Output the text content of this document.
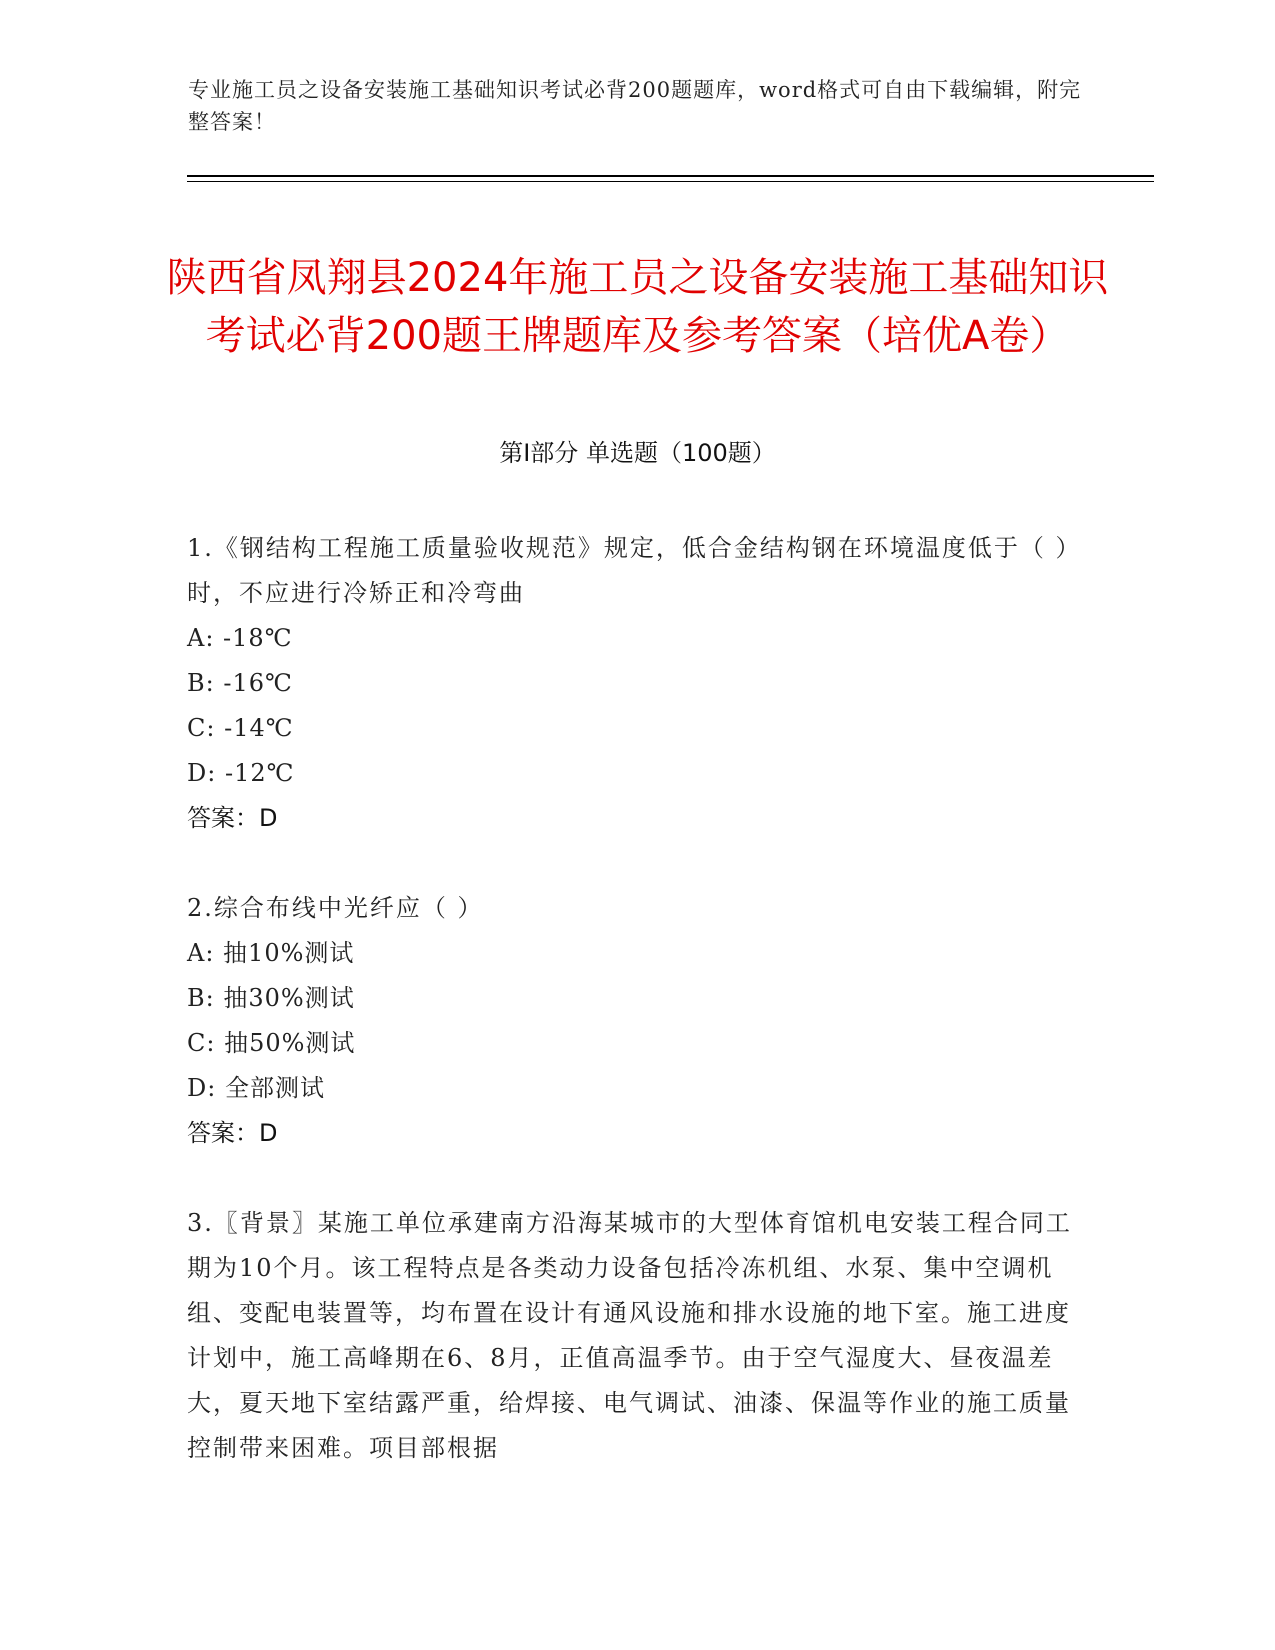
专业施工员之设备安装施工基础知识考试必背200题题库，word格式可自由下载编辑，附完整答案！
陕西省凤翔县2024年施工员之设备安装施工基础知识考试必背200题王牌题库及参考答案（培优A卷）
第Ⅰ部分 单选题（100题）

1.《钢结构工程施工质量验收规范》规定，低合金结构钢在环境温度低于（ ）时，不应进行冷矫正和冷弯曲

A: -18℃

B: -16℃

C: -14℃

D: -12℃

答案：D

2.综合布线中光纤应（ ）

A: 抽10%测试

B: 抽30%测试

C: 抽50%测试

D: 全部测试

答案：D

3.〖背景〗某施工单位承建南方沿海某城市的大型体育馆机电安装工程合同工期为10个月。该工程特点是各类动力设备包括冷冻机组、水泵、集中空调机组、变配电装置等，均布置在设计有通风设施和排水设施的地下室。施工进度计划中，施工高峰期在6、8月，正值高温季节。由于空气湿度大、昼夜温差大，夏天地下室结露严重，给焊接、电气调试、油漆、保温等作业的施工质量控制带来困难。项目部根据
